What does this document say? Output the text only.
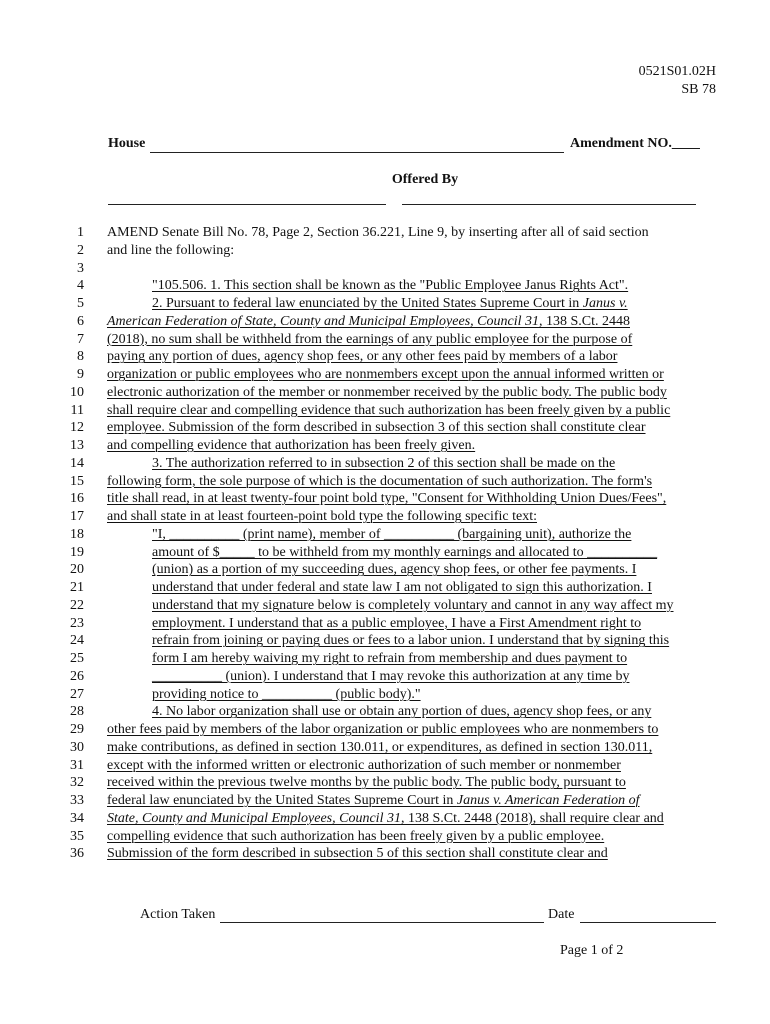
0521S01.02H
SB 78
House	Amendment NO.____
Offered By
1 AMEND Senate Bill No. 78, Page 2, Section 36.221, Line 9, by inserting after all of said section
2 and line the following:
3
4	"105.506. 1. This section shall be known as the "Public Employee Janus Rights Act".
5	2. Pursuant to federal law enunciated by the United States Supreme Court in Janus v.
6 American Federation of State, County and Municipal Employees, Council 31, 138 S.Ct. 2448
7 (2018), no sum shall be withheld from the earnings of any public employee for the purpose of
8 paying any portion of dues, agency shop fees, or any other fees paid by members of a labor
9 organization or public employees who are nonmembers except upon the annual informed written or
10 electronic authorization of the member or nonmember received by the public body. The public body
11 shall require clear and compelling evidence that such authorization has been freely given by a public
12 employee. Submission of the form described in subsection 3 of this section shall constitute clear
13 and compelling evidence that authorization has been freely given.
14	3. The authorization referred to in subsection 2 of this section shall be made on the
15 following form, the sole purpose of which is the documentation of such authorization. The form's
16 title shall read, in at least twenty-four point bold type, "Consent for Withholding Union Dues/Fees",
17 and shall state in at least fourteen-point bold type the following specific text:
18	"I, __________ (print name), member of __________ (bargaining unit), authorize the
19	amount of $_____ to be withheld from my monthly earnings and allocated to __________
20	(union) as a portion of my succeeding dues, agency shop fees, or other fee payments. I
21	understand that under federal and state law I am not obligated to sign this authorization. I
22	understand that my signature below is completely voluntary and cannot in any way affect my
23	employment. I understand that as a public employee, I have a First Amendment right to
24	refrain from joining or paying dues or fees to a labor union. I understand that by signing this
25	form I am hereby waiving my right to refrain from membership and dues payment to
26	__________ (union). I understand that I may revoke this authorization at any time by
27	providing notice to __________ (public body)."
28	4. No labor organization shall use or obtain any portion of dues, agency shop fees, or any
29 other fees paid by members of the labor organization or public employees who are nonmembers to
30 make contributions, as defined in section 130.011, or expenditures, as defined in section 130.011,
31 except with the informed written or electronic authorization of such member or nonmember
32 received within the previous twelve months by the public body. The public body, pursuant to
33 federal law enunciated by the United States Supreme Court in Janus v. American Federation of
34 State, County and Municipal Employees, Council 31, 138 S.Ct. 2448 (2018), shall require clear and
35 compelling evidence that such authorization has been freely given by a public employee.
36 Submission of the form described in subsection 5 of this section shall constitute clear and
Action Taken	Date
Page 1 of 2
